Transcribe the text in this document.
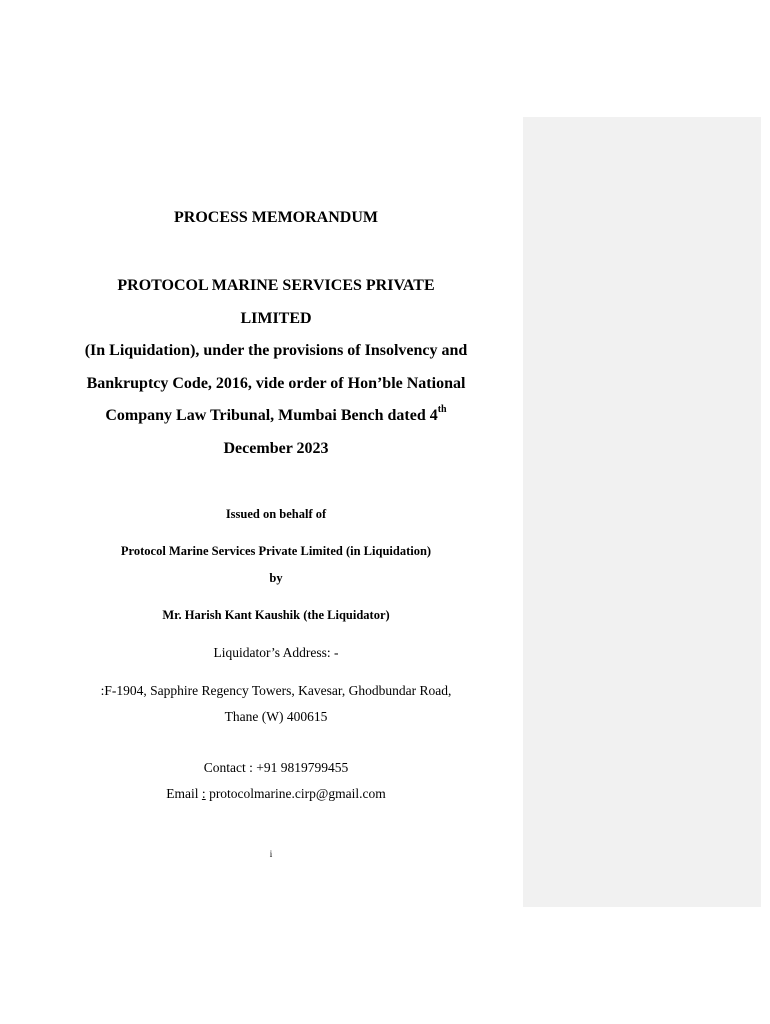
PROCESS MEMORANDUM
PROTOCOL MARINE SERVICES PRIVATE
LIMITED
(In Liquidation), under the provisions of Insolvency and
Bankruptcy Code, 2016, vide order of Hon’ble National
Company Law Tribunal, Mumbai Bench dated 4th
December 2023
Issued on behalf of
Protocol Marine Services Private Limited (in Liquidation)
by
Mr. Harish Kant Kaushik (the Liquidator)
Liquidator’s Address: -
:F-1904, Sapphire Regency Towers, Kavesar, Ghodbundar Road,
Thane (W) 400615
Contact : +91 9819799455
Email : protocolmarine.cirp@gmail.com
i
